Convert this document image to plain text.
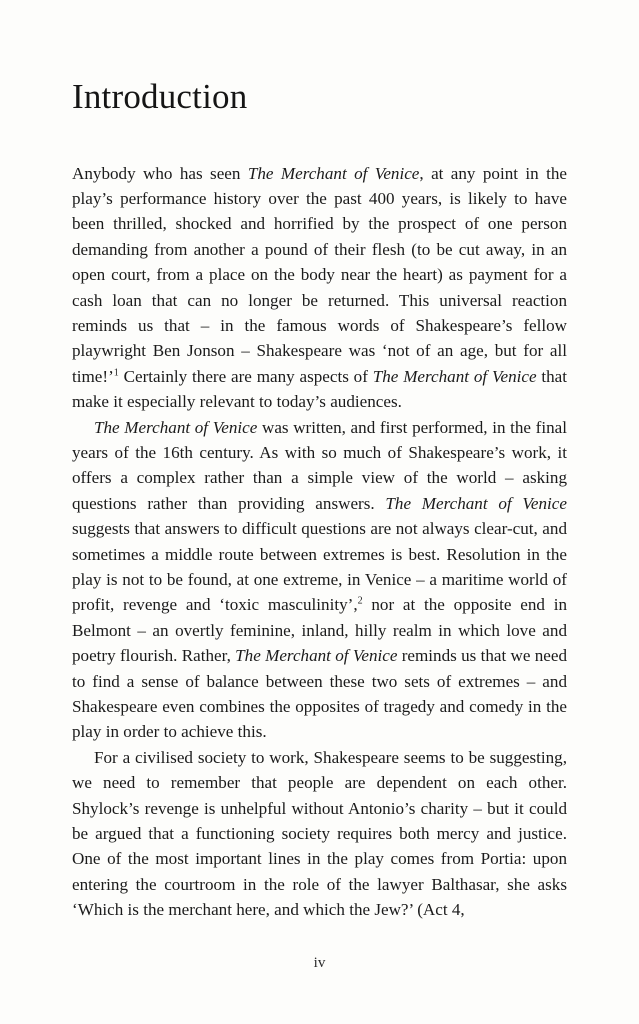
Introduction

Anybody who has seen The Merchant of Venice, at any point in the play’s performance history over the past 400 years, is likely to have been thrilled, shocked and horrified by the prospect of one person demanding from another a pound of their flesh (to be cut away, in an open court, from a place on the body near the heart) as payment for a cash loan that can no longer be returned. This universal reaction reminds us that – in the famous words of Shakespeare’s fellow playwright Ben Jonson – Shakespeare was ‘not of an age, but for all time!’$^1$ Certainly there are many aspects of The Merchant of Venice that make it especially relevant to today’s audiences.

The Merchant of Venice was written, and first performed, in the final years of the 16th century. As with so much of Shakespeare’s work, it offers a complex rather than a simple view of the world – asking questions rather than providing answers. The Merchant of Venice suggests that answers to difficult questions are not always clear-cut, and sometimes a middle route between extremes is best. Resolution in the play is not to be found, at one extreme, in Venice – a maritime world of profit, revenge and ‘toxic masculinity’,$^2$ nor at the opposite end in Belmont – an overtly feminine, inland, hilly realm in which love and poetry flourish. Rather, The Merchant of Venice reminds us that we need to find a sense of balance between these two sets of extremes – and Shakespeare even combines the opposites of tragedy and comedy in the play in order to achieve this.

For a civilised society to work, Shakespeare seems to be suggesting, we need to remember that people are dependent on each other. Shylock’s revenge is unhelpful without Antonio’s charity – but it could be argued that a functioning society requires both mercy and justice. One of the most important lines in the play comes from Portia: upon entering the courtroom in the role of the lawyer Balthasar, she asks ‘Which is the merchant here, and which the Jew?’ (Act 4,

iv
